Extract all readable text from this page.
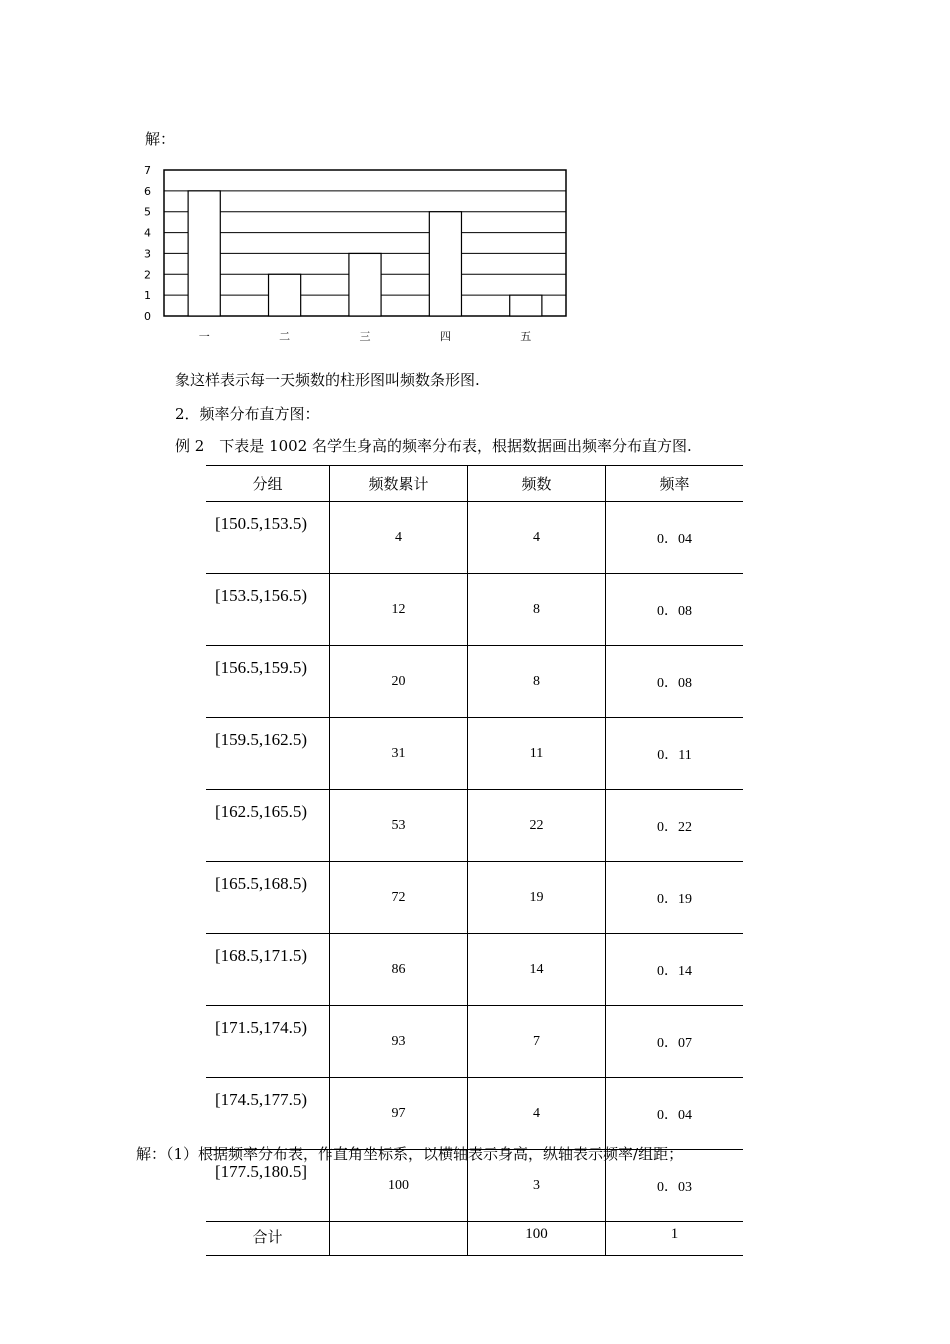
解：
0
1
2
3
4
5
6
7
一	二	三	四	五
象这样表示每一天频数的柱形图叫频数条形图.
2．频率分布直方图：
例 2　下表是 1002 名学生身高的频率分布表，根据数据画出频率分布直方图.
分组	频数累计	频数	频率
[150.5,153.5)	4	4	0．04
[153.5,156.5)	12	8	0．08
[156.5,159.5)	20	8	0．08
[159.5,162.5)	31	11	0．11
[162.5,165.5)	53	22	0．22
[165.5,168.5)	72	19	0．19
[168.5,171.5)	86	14	0．14
[171.5,174.5)	93	7	0．07
[174.5,177.5)	97	4	0．04
[177.5,180.5]	100	3	0．03
合计		100	1
解：（1）根据频率分布表，作直角坐标系，以横轴表示身高，纵轴表示频率/组距；
